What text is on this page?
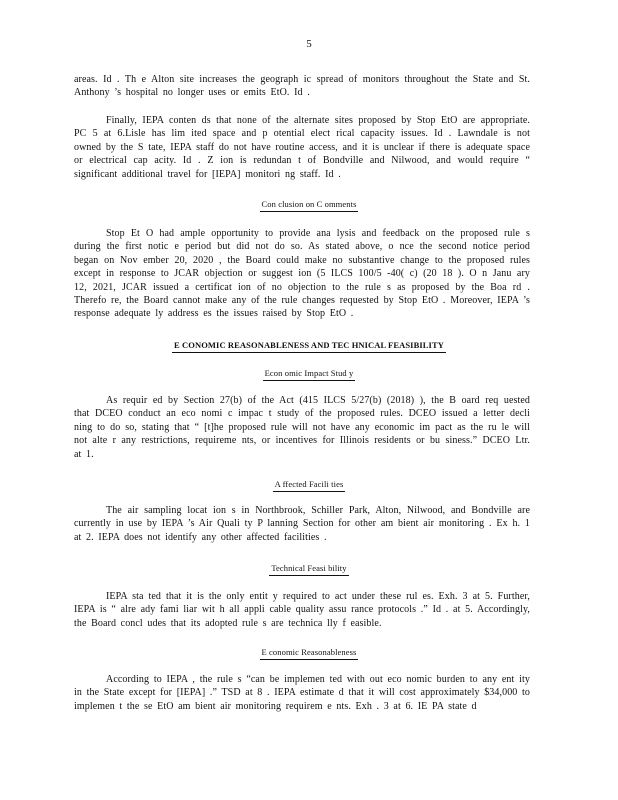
5

areas. Id . Th e Alton site increases the geograph ic spread of monitors throughout the State and St. Anthony ’s hospital no longer uses or emits EtO. Id .

Finally, IEPA conten ds that none of the alternate sites proposed by Stop EtO are appropriate. PC 5 at 6.Lisle has lim ited space and p otential elect rical capacity issues. Id . Lawndale is not owned by the S tate, IEPA staff do not have routine access, and it is unclear if there is adequate space or electrical cap acity. Id . Z ion is redundan t of Bondville and Nilwood, and would require “ significant additional travel for [IEPA] monitori ng staff. Id .

Con clusion on C omments

Stop Et O had ample opportunity to provide ana lysis and feedback on the proposed rule s during the first notic e period but did not do so. As stated above, o nce the second notice period began on Nov ember 20, 2020 , the Board could make no substantive change to the proposed rules except in response to JCAR objection or suggest ion (5 ILCS 100/5 -40( c) (20 18 ). O n Janu ary 12, 2021, JCAR issued a certificat ion of no objection to the rule s as proposed by the Boa rd . Therefo re, the Board cannot make any of the rule changes requested by Stop EtO . Moreover, IEPA ’s response adequate ly address es the issues raised by Stop EtO .

E CONOMIC REASONABLENESS AND TEC HNICAL FEASIBILITY
Econ omic Impact Stud y

As requir ed by Section 27(b) of the Act (415 ILCS 5/27(b) (2018) ), the B oard req uested that DCEO conduct an eco nomi c impac t study of the proposed rules. DCEO issued a letter decli ning to do so, stating that “ [t]he proposed rule will not have any economic im pact as the ru le will not alte r any restrictions, requireme nts, or incentives for Illinois residents or bu siness.” DCEO Ltr. at 1.

A ffected Facili ties

The air sampling locat ion s in Northbrook, Schiller Park, Alton, Nilwood, and Bondville are currently in use by IEPA ’s Air Quali ty P lanning Section for other am bient air monitoring . Ex h. 1 at 2. IEPA does not identify any other affected facilities .

Technical Feasi bility

IEPA sta ted that it is the only entit y required to act under these rul es. Exh. 3 at 5. Further, IEPA is “ alre ady fami liar wit h all appli cable quality assu rance protocols .” Id . at 5. Accordingly, the Board concl udes that its adopted rule s are technica lly f easible.

E conomic Reasonableness

According to IEPA , the rule s “can be implemen ted with out eco nomic burden to any ent ity in the State except for [IEPA] .” TSD at 8 . IEPA estimate d that it will cost approximately $34,000 to implemen t the se EtO am bient air monitoring requirem e nts. Exh . 3 at 6. IE PA state d
